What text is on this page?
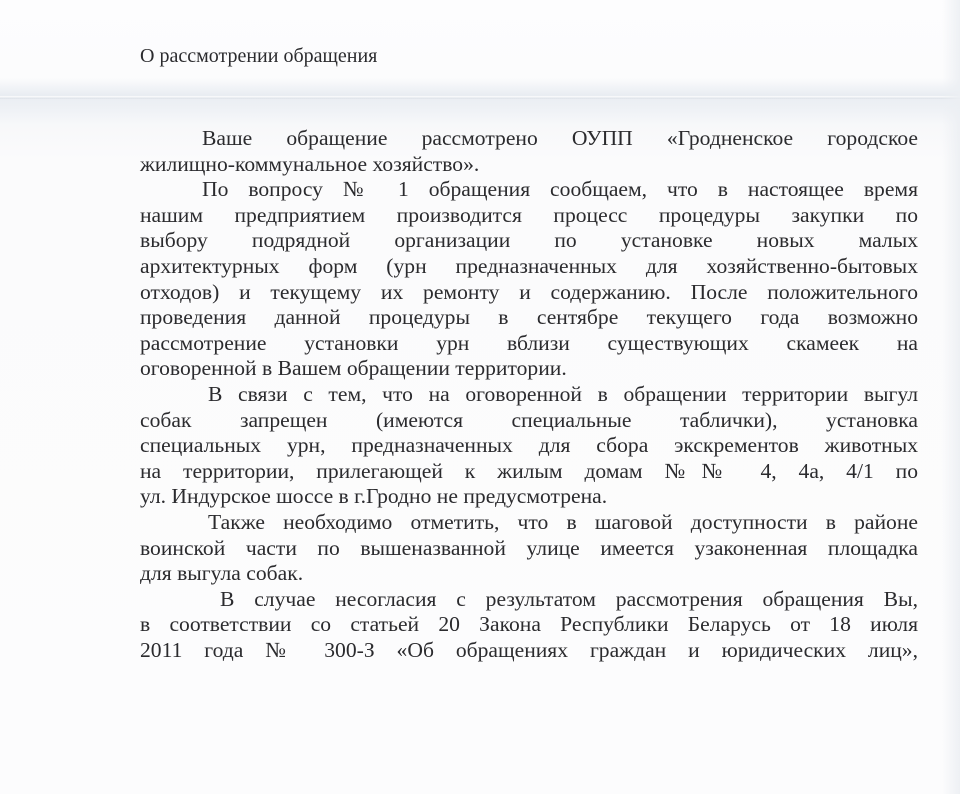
О рассмотрении обращения
Ваше обращение рассмотрено ОУПП «Гродненское городское
жилищно-коммунальное хозяйство».
По вопросу № 1 обращения сообщаем, что в настоящее время
нашим предприятием производится процесс процедуры закупки по
выбору подрядной организации по установке новых малых
архитектурных форм (урн предназначенных для хозяйственно-бытовых
отходов) и текущему их ремонту и содержанию. После положительного
проведения данной процедуры в сентябре текущего года возможно
рассмотрение установки урн вблизи существующих скамеек на
оговоренной в Вашем обращении территории.
В связи с тем, что на оговоренной в обращении территории выгул
собак запрещен (имеются специальные таблички), установка
специальных урн, предназначенных для сбора экскрементов животных
на территории, прилегающей к жилым домам №№ 4, 4а, 4/1 по
ул. Индурское шоссе в г.Гродно не предусмотрена.
Также необходимо отметить, что в шаговой доступности в районе
воинской части по вышеназванной улице имеется узаконенная площадка
для выгула собак.
В случае несогласия с результатом рассмотрения обращения Вы,
в соответствии со статьей 20 Закона Республики Беларусь от 18 июля
2011 года № 300-З «Об обращениях граждан и юридических лиц»,
